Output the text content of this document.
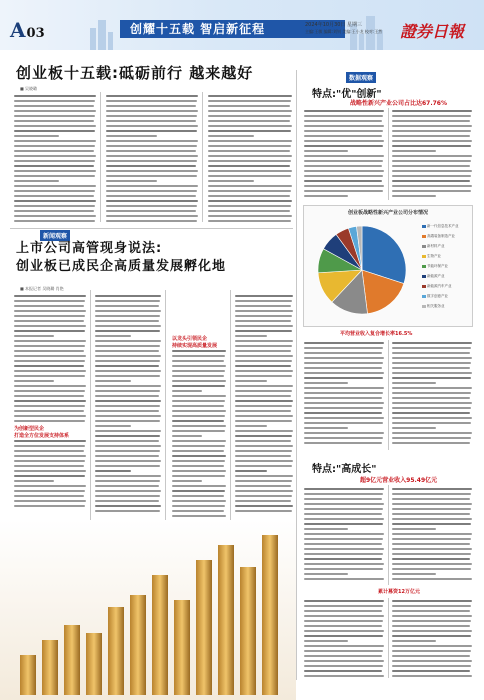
A03	创耀十五载 智启新征程	2024年10月30日 星期三
主编:王敏 编辑:刘钊 美编:王小龙 校对:王然 證券日報
创业板十五载:砥砺前行 越来越好
■ 吴晓璐
新闻观察
上市公司高管现身说法:
创业板已成民企高质量发展孵化地
■ 本报记者 吴晓璐 肖艳
为创新型民企
打造全方位发展支持体系
以龙头引领民企
持续实现高质量发展
数据观察
特点:"优"创新"
战略性新兴产业公司占比达67.76%
创业板战略性新兴产业公司分布情况
新一代信息技术产业
高端装备制造产业
新材料产业
生物产业
节能环保产业
新能源产业
新能源汽车产业
数字创意产业
相关服务业
平均营业收入复合增长率16.5%
特点:"高成长"
超9亿元营业收入95.49亿元
累计募资12万亿元
